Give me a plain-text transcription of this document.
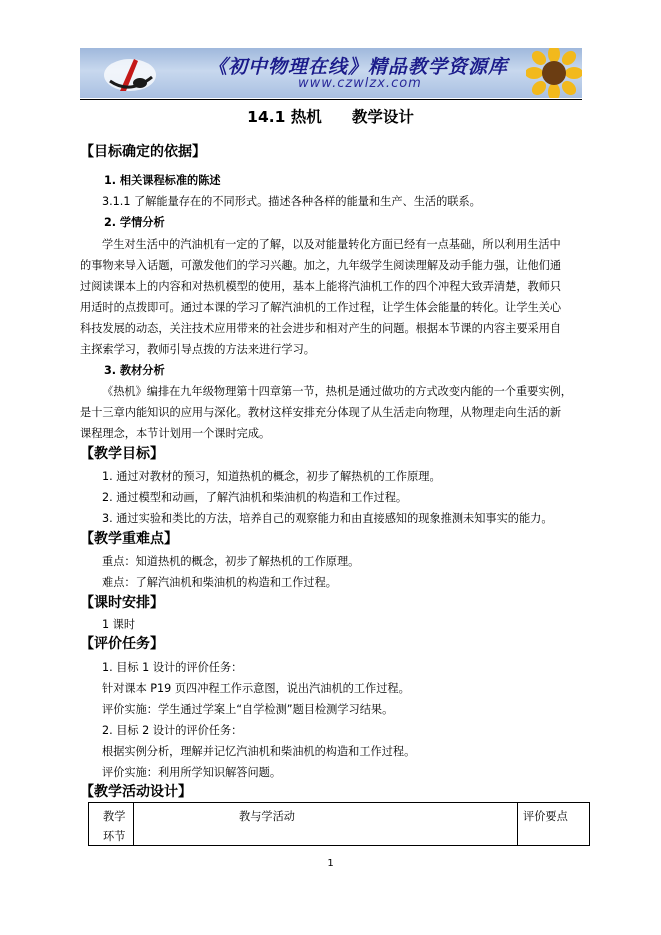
《初中物理在线》精品教学资源库
www.czwlzx.com
14.1 热机 教学设计
【目标确定的依据】
1. 相关课程标准的陈述
3.1.1 了解能量存在的不同形式。描述各种各样的能量和生产、生活的联系。
2. 学情分析
学生对生活中的汽油机有一定的了解，以及对能量转化方面已经有一点基础，所以利用生活中
的事物来导入话题，可激发他们的学习兴趣。加之，九年级学生阅读理解及动手能力强，让他们通
过阅读课本上的内容和对热机模型的使用，基本上能将汽油机工作的四个冲程大致弄清楚，教师只
用适时的点拨即可。通过本课的学习了解汽油机的工作过程，让学生体会能量的转化。让学生关心
科技发展的动态，关注技术应用带来的社会进步和相对产生的问题。根据本节课的内容主要采用自
主探索学习，教师引导点拨的方法来进行学习。
3. 教材分析
《热机》编排在九年级物理第十四章第一节，热机是通过做功的方式改变内能的一个重要实例，
是十三章内能知识的应用与深化。教材这样安排充分体现了从生活走向物理，从物理走向生活的新
课程理念，本节计划用一个课时完成。
【教学目标】
1. 通过对教材的预习，知道热机的概念，初步了解热机的工作原理。
2. 通过模型和动画，了解汽油机和柴油机的构造和工作过程。
3. 通过实验和类比的方法，培养自己的观察能力和由直接感知的现象推测未知事实的能力。
【教学重难点】
重点：知道热机的概念，初步了解热机的工作原理。
难点：了解汽油机和柴油机的构造和工作过程。
【课时安排】
1 课时
【评价任务】
1. 目标 1 设计的评价任务：
针对课本 P19 页四冲程工作示意图，说出汽油机的工作过程。
评价实施：学生通过学案上“自学检测”题目检测学习结果。
2. 目标 2 设计的评价任务：
根据实例分析，理解并记忆汽油机和柴油机的构造和工作过程。
评价实施：利用所学知识解答问题。
【教学活动设计】
教学
环节
教与学活动	评价要点
1
